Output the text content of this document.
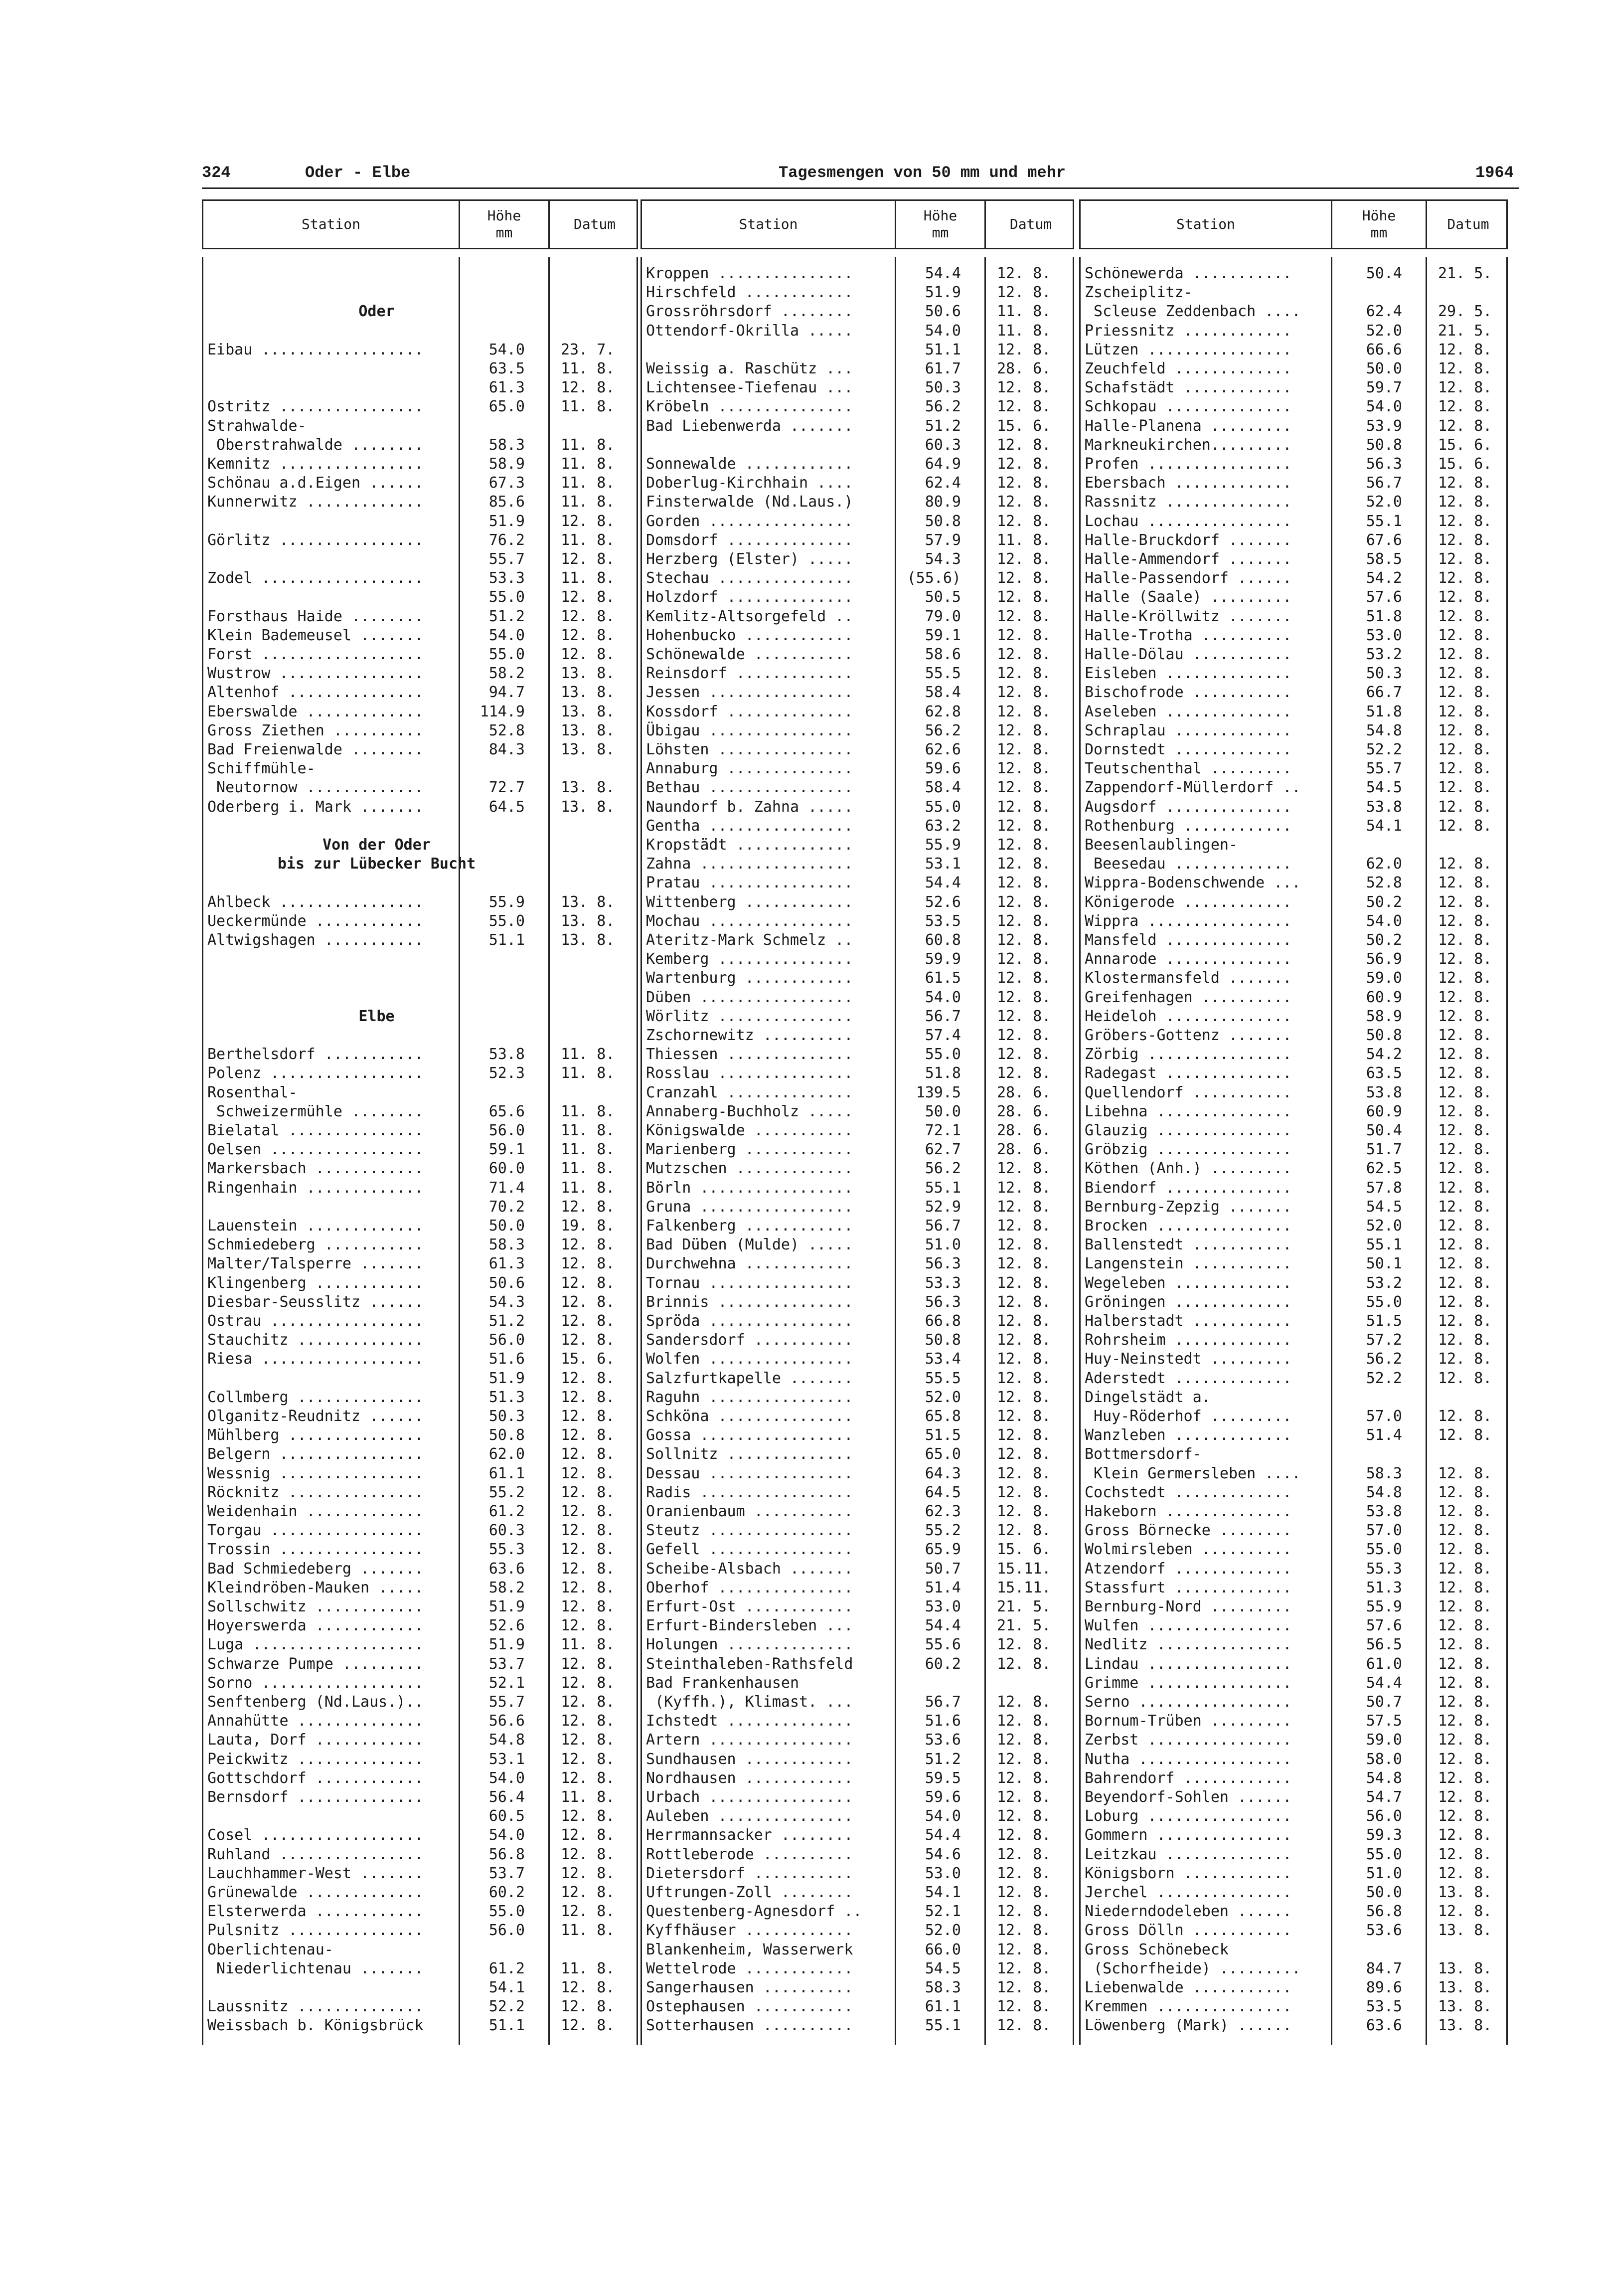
324	Oder - Elbe	Tagesmengen von 50 mm und mehr	1964
Station
Höhe
mm
Datum
Oder
Von der Oder
bis zur Lübecker Bucht
Elbe
Eibau ..................	54.0 23. 7.
63.5 11. 8.
61.3 12. 8.
Ostritz ................	65.0 11. 8.
Strahwalde-
Oberstrahwalde ........	58.3 11. 8.
Kemnitz ................	58.9 11. 8.
Schönau a.d.Eigen ......	67.3 11. 8.
Kunnerwitz .............	85.6 11. 8.
51.9 12. 8.
Görlitz ................	76.2 11. 8.
55.7 12. 8.
Zodel ..................	53.3 11. 8.
55.0 12. 8.
Forsthaus Haide ........	51.2 12. 8.
Klein Bademeusel .......	54.0 12. 8.
Forst ..................	55.0 12. 8.
Wustrow ................	58.2 13. 8.
Altenhof ...............	94.7 13. 8.
Eberswalde .............	114.9 13. 8.
Gross Ziethen ..........	52.8 13. 8.
Bad Freienwalde ........	84.3 13. 8.
Schiffmühle-
Neutornow .............	72.7 13. 8.
Oderberg i. Mark .......	64.5 13. 8.
Ahlbeck ................	55.9 13. 8.
Ueckermünde ............	55.0 13. 8.
Altwigshagen ...........	51.1 13. 8.
Berthelsdorf ...........	53.8 11. 8.
Polenz .................	52.3 11. 8.
Rosenthal-
Schweizermühle ........	65.6 11. 8.
Bielatal ...............	56.0 11. 8.
Oelsen .................	59.1 11. 8.
Markersbach ............	60.0 11. 8.
Ringenhain .............	71.4 11. 8.
70.2 12. 8.
Lauenstein .............	50.0 19. 8.
Schmiedeberg ...........	58.3 12. 8.
Malter/Talsperre .......	61.3 12. 8.
Klingenberg ............	50.6 12. 8.
Diesbar-Seusslitz ......	54.3 12. 8.
Ostrau .................	51.2 12. 8.
Stauchitz ..............	56.0 12. 8.
Riesa ..................	51.6 15. 6.
51.9 12. 8.
Collmberg ..............	51.3 12. 8.
Olganitz-Reudnitz ......	50.3 12. 8.
Mühlberg ...............	50.8 12. 8.
Belgern ................	62.0 12. 8.
Wessnig ................	61.1 12. 8.
Röcknitz ...............	55.2 12. 8.
Weidenhain .............	61.2 12. 8.
Torgau .................	60.3 12. 8.
Trossin ................	55.3 12. 8.
Bad Schmiedeberg .......	63.6 12. 8.
Kleindröben-Mauken .....	58.2 12. 8.
Sollschwitz ............	51.9 12. 8.
Hoyerswerda ............	52.6 12. 8.
Luga ...................	51.9 11. 8.
Schwarze Pumpe .........	53.7 12. 8.
Sorno ..................	52.1 12. 8.
Senftenberg (Nd.Laus.)..	55.7 12. 8.
Annahütte ..............	56.6 12. 8.
Lauta, Dorf ............	54.8 12. 8.
Peickwitz ..............	53.1 12. 8.
Gottschdorf ............	54.0 12. 8.
Bernsdorf ..............	56.4 11. 8.
60.5 12. 8.
Cosel ..................	54.0 12. 8.
Ruhland ................	56.8 12. 8.
Lauchhammer-West .......	53.7 12. 8.
Grünewalde .............	60.2 12. 8.
Elsterwerda ............	55.0 12. 8.
Pulsnitz ...............	56.0 11. 8.
Oberlichtenau-
Niederlichtenau .......	61.2 11. 8.
54.1 12. 8.
Laussnitz ..............	52.2 12. 8.
Weissbach b. Königsbrück	51.1 12. 8.
Station
Höhe
mm
Datum
Kroppen ...............	54.4 12. 8.
Hirschfeld ............	51.9 12. 8.
Grossröhrsdorf ........	50.6 11. 8.
Ottendorf-Okrilla .....	54.0 11. 8.
51.1 12. 8.
Weissig a. Raschütz ...	61.7 28. 6.
Lichtensee-Tiefenau ...	50.3 12. 8.
Kröbeln ...............	56.2 12. 8.
Bad Liebenwerda .......	51.2 15. 6.
60.3 12. 8.
Sonnewalde ............	64.9 12. 8.
Doberlug-Kirchhain ....	62.4 12. 8.
Finsterwalde (Nd.Laus.)	80.9 12. 8.
Gorden ................	50.8 12. 8.
Domsdorf ..............	57.9 11. 8.
Herzberg (Elster) .....	54.3 12. 8.
Stechau ...............	(55.6) 12. 8.
Holzdorf ..............	50.5 12. 8.
Kemlitz-Altsorgefeld ..	79.0 12. 8.
Hohenbucko ............	59.1 12. 8.
Schönewalde ...........	58.6 12. 8.
Reinsdorf .............	55.5 12. 8.
Jessen ................	58.4 12. 8.
Kossdorf ..............	62.8 12. 8.
Übigau ................	56.2 12. 8.
Löhsten ...............	62.6 12. 8.
Annaburg ..............	59.6 12. 8.
Bethau ................	58.4 12. 8.
Naundorf b. Zahna .....	55.0 12. 8.
Gentha ................	63.2 12. 8.
Kropstädt .............	55.9 12. 8.
Zahna .................	53.1 12. 8.
Pratau ................	54.4 12. 8.
Wittenberg ............	52.6 12. 8.
Mochau ................	53.5 12. 8.
Ateritz-Mark Schmelz ..	60.8 12. 8.
Kemberg ...............	59.9 12. 8.
Wartenburg ............	61.5 12. 8.
Düben .................	54.0 12. 8.
Wörlitz ...............	56.7 12. 8.
Zschornewitz ..........	57.4 12. 8.
Thiessen ..............	55.0 12. 8.
Rosslau ...............	51.8 12. 8.
Cranzahl ..............	139.5 28. 6.
Annaberg-Buchholz .....	50.0 28. 6.
Königswalde ...........	72.1 28. 6.
Marienberg ............	62.7 28. 6.
Mutzschen .............	56.2 12. 8.
Börln .................	55.1 12. 8.
Gruna .................	52.9 12. 8.
Falkenberg ............	56.7 12. 8.
Bad Düben (Mulde) .....	51.0 12. 8.
Durchwehna ............	56.3 12. 8.
Tornau ................	53.3 12. 8.
Brinnis ...............	56.3 12. 8.
Spröda ................	66.8 12. 8.
Sandersdorf ...........	50.8 12. 8.
Wolfen ................	53.4 12. 8.
Salzfurtkapelle .......	55.5 12. 8.
Raguhn ................	52.0 12. 8.
Schköna ...............	65.8 12. 8.
Gossa .................	51.5 12. 8.
Sollnitz ..............	65.0 12. 8.
Dessau ................	64.3 12. 8.
Radis .................	64.5 12. 8.
Oranienbaum ...........	62.3 12. 8.
Steutz ................	55.2 12. 8.
Gefell ................	65.9 15. 6.
Scheibe-Alsbach .......	50.7 15.11.
Oberhof ...............	51.4 15.11.
Erfurt-Ost ............	53.0 21. 5.
Erfurt-Bindersleben ...	54.4 21. 5.
Holungen ..............	55.6 12. 8.
Steinthaleben-Rathsfeld	60.2 12. 8.
Bad Frankenhausen
(Kyffh.), Klimast. ...	56.7 12. 8.
Ichstedt ..............	51.6 12. 8.
Artern ................	53.6 12. 8.
Sundhausen ............	51.2 12. 8.
Nordhausen ............	59.5 12. 8.
Urbach ................	59.6 12. 8.
Auleben ...............	54.0 12. 8.
Herrmannsacker ........	54.4 12. 8.
Rottleberode ..........	54.6 12. 8.
Dietersdorf ...........	53.0 12. 8.
Uftrungen-Zoll ........	54.1 12. 8.
Questenberg-Agnesdorf ..	52.1 12. 8.
Kyffhäuser ............	52.0 12. 8.
Blankenheim, Wasserwerk	66.0 12. 8.
Wettelrode ............	54.5 12. 8.
Sangerhausen ..........	58.3 12. 8.
Ostерhausen ...........	61.1 12. 8.
Sotterhausen ..........	55.1 12. 8.
Station
Höhe
mm
Datum
Schönewerda ...........	50.4 21. 5.
Zscheiplitz-
Scleuse Zeddenbach ....	62.4 29. 5.
Priessnitz ............	52.0 21. 5.
Lützen ................	66.6 12. 8.
Zeuchfeld .............	50.0 12. 8.
Schafstädt ............	59.7 12. 8.
Schkopau ..............	54.0 12. 8.
Halle-Planena .........	53.9 12. 8.
Markneukirchen.........	50.8 15. 6.
Profen ................	56.3 15. 6.
Ebersbach .............	56.7 12. 8.
Rassnitz ..............	52.0 12. 8.
Lochau ................	55.1 12. 8.
Halle-Bruckdorf .......	67.6 12. 8.
Halle-Ammendorf .......	58.5 12. 8.
Halle-Passendorf ......	54.2 12. 8.
Halle (Saale) .........	57.6 12. 8.
Halle-Kröllwitz .......	51.8 12. 8.
Halle-Trotha ..........	53.0 12. 8.
Halle-Dölau ...........	53.2 12. 8.
Eisleben ..............	50.3 12. 8.
Bischofrode ...........	66.7 12. 8.
Aseleben ..............	51.8 12. 8.
Schraplau .............	54.8 12. 8.
Dornstedt .............	52.2 12. 8.
Teutschenthal .........	55.7 12. 8.
Zappendorf-Müllerdorf ..	54.5 12. 8.
Augsdorf ..............	53.8 12. 8.
Rothenburg ............	54.1 12. 8.
Beesenlaublingen-
Beesedau .............	62.0 12. 8.
Wippra-Bodenschwende ...	52.8 12. 8.
Königerode ............	50.2 12. 8.
Wippra ................	54.0 12. 8.
Mansfeld ..............	50.2 12. 8.
Annarode ..............	56.9 12. 8.
Klostermansfeld .......	59.0 12. 8.
Greifenhagen ..........	60.9 12. 8.
Heideloh ..............	58.9 12. 8.
Gröbers-Gottenz .......	50.8 12. 8.
Zörbig ................	54.2 12. 8.
Radegast ..............	63.5 12. 8.
Quellendorf ...........	53.8 12. 8.
Libehna ...............	60.9 12. 8.
Glauzig ...............	50.4 12. 8.
Gröbzig ...............	51.7 12. 8.
Köthen (Anh.) .........	62.5 12. 8.
Biendorf ..............	57.8 12. 8.
Bernburg-Zepzig .......	54.5 12. 8.
Brocken ...............	52.0 12. 8.
Ballenstedt ...........	55.1 12. 8.
Langenstein ...........	50.1 12. 8.
Wegeleben .............	53.2 12. 8.
Gröningen .............	55.0 12. 8.
Halberstadt ...........	51.5 12. 8.
Rohrsheim .............	57.2 12. 8.
Huy-Neinstedt .........	56.2 12. 8.
Aderstedt .............	52.2 12. 8.
Dingelstädt a.
Huy-Röderhof .........	57.0 12. 8.
Wanzleben .............	51.4 12. 8.
Bottmersdorf-
Klein Germersleben ....	58.3 12. 8.
Cochstedt .............	54.8 12. 8.
Hakeborn ..............	53.8 12. 8.
Gross Börnecke ........	57.0 12. 8.
Wolmirsleben ..........	55.0 12. 8.
Atzendorf .............	55.3 12. 8.
Stassfurt .............	51.3 12. 8.
Bernburg-Nord .........	55.9 12. 8.
Wulfen ................	57.6 12. 8.
Nedlitz ...............	56.5 12. 8.
Lindau ................	61.0 12. 8.
Grimme ................	54.4 12. 8.
Serno .................	50.7 12. 8.
Bornum-Trüben .........	57.5 12. 8.
Zerbst ................	59.0 12. 8.
Nutha .................	58.0 12. 8.
Bahrendorf ............	54.8 12. 8.
Beyendorf-Sohlen ......	54.7 12. 8.
Loburg ................	56.0 12. 8.
Gommern ...............	59.3 12. 8.
Leitzkau ..............	55.0 12. 8.
Königsborn ............	51.0 12. 8.
Jerchel ...............	50.0 13. 8.
Niederndodeleben ......	56.8 12. 8.
Gross Dölln ...........	53.6 13. 8.
Gross Schönebeck
(Schorfheide) .........	84.7 13. 8.
Liebenwalde ...........	89.6 13. 8.
Kremmen ...............	53.5 13. 8.
Löwenberg (Mark) ......	63.6 13. 8.
